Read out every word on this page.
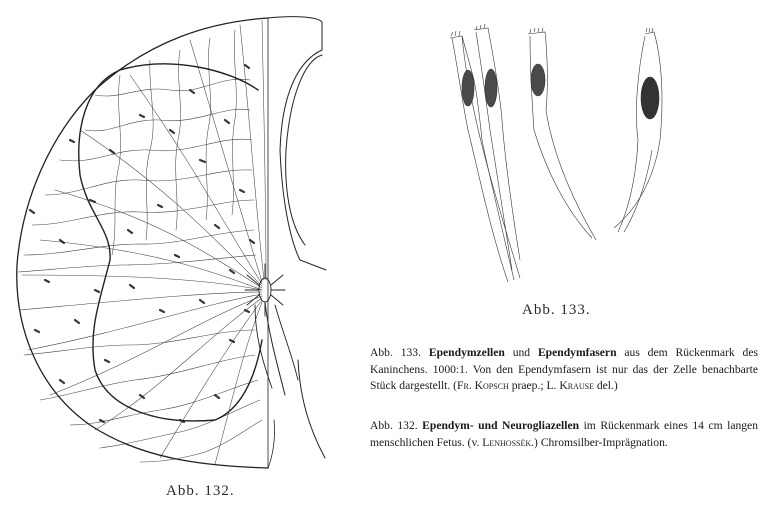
Abb. 132.
Abb. 133.
Abb. 133. Ependymzellen und Ependymfasern aus dem Rückenmark des Kaninchens. 1000:1. Von den Ependymfasern ist nur das der Zelle benachbarte Stück dargestellt. (Fr. Kopsch praep.; L. Krause del.)
Abb. 132. Ependym- und Neurogliazellen im Rückenmark eines 14 cm langen menschlichen Fetus. (v. Lenhossék.) Chromsilber-Imprägnation.
